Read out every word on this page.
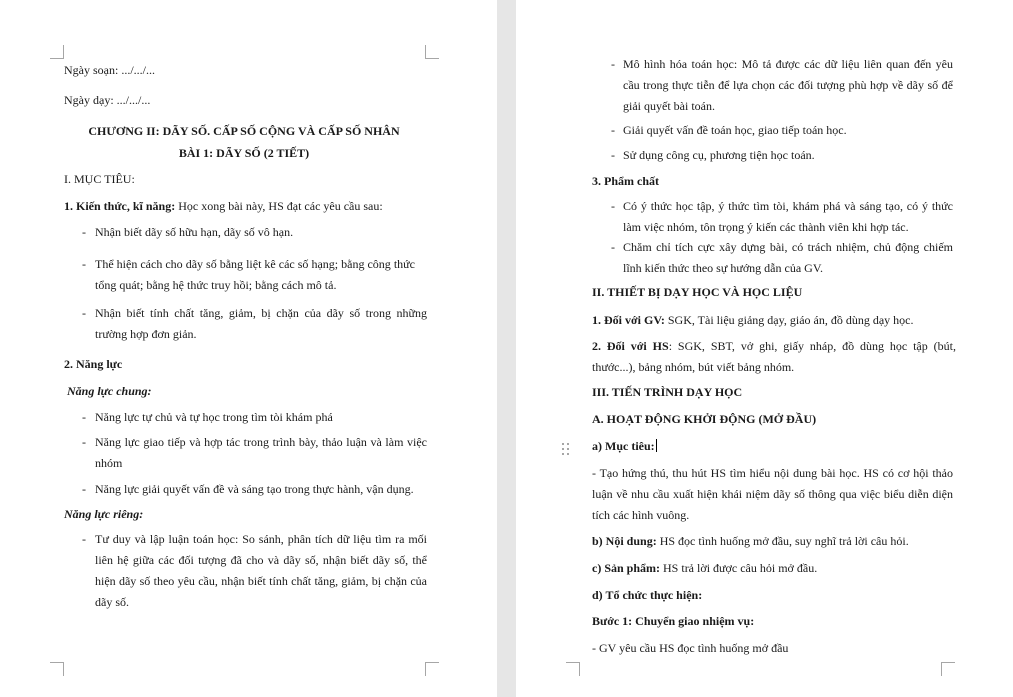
Ngày soạn: .../.../...
Ngày dạy: .../.../...
CHƯƠNG II: DÃY SỐ. CẤP SỐ CỘNG VÀ CẤP SỐ NHÂN
BÀI 1: DÃY SỐ (2 TIẾT)
I. MỤC TIÊU:
1. Kiến thức, kĩ năng: Học xong bài này, HS đạt các yêu cầu sau:
- Nhận biết dãy số hữu hạn, dãy số vô hạn.
- Thể hiện cách cho dãy số bằng liệt kê các số hạng; bằng công thức tổng quát; bằng hệ thức truy hồi; bằng cách mô tả.
- Nhận biết tính chất tăng, giảm, bị chặn của dãy số trong những trường hợp đơn giản.
2. Năng lực
Năng lực chung:
- Năng lực tự chủ và tự học trong tìm tòi khám phá
- Năng lực giao tiếp và hợp tác trong trình bày, thảo luận và làm việc nhóm
- Năng lực giải quyết vấn đề và sáng tạo trong thực hành, vận dụng.
Năng lực riêng:
- Tư duy và lập luận toán học: So sánh, phân tích dữ liệu tìm ra mối liên hệ giữa các đối tượng đã cho và dãy số, nhận biết dãy số, thể hiện dãy số theo yêu cầu, nhận biết tính chất tăng, giảm, bị chặn của dãy số.
- Mô hình hóa toán học: Mô tả được các dữ liệu liên quan đến yêu cầu trong thực tiễn để lựa chọn các đối tượng phù hợp về dãy số để giải quyết bài toán.
- Giải quyết vấn đề toán học, giao tiếp toán học.
- Sử dụng công cụ, phương tiện học toán.
3. Phẩm chất
- Có ý thức học tập, ý thức tìm tòi, khám phá và sáng tạo, có ý thức làm việc nhóm, tôn trọng ý kiến các thành viên khi hợp tác.
- Chăm chỉ tích cực xây dựng bài, có trách nhiệm, chủ động chiếm lĩnh kiến thức theo sự hướng dẫn của GV.
II. THIẾT BỊ DẠY HỌC VÀ HỌC LIỆU
1. Đối với GV: SGK, Tài liệu giảng dạy, giáo án, đồ dùng dạy học.
2. Đối với HS: SGK, SBT, vở ghi, giấy nháp, đồ dùng học tập (bút, thước...), bảng nhóm, bút viết bảng nhóm.
III. TIẾN TRÌNH DẠY HỌC
A. HOẠT ĐỘNG KHỞI ĐỘNG (MỞ ĐẦU)
a) Mục tiêu:
- Tạo hứng thú, thu hút HS tìm hiểu nội dung bài học. HS có cơ hội thảo luận về nhu cầu xuất hiện khái niệm dãy số thông qua việc biểu diễn diện tích các hình vuông.
b) Nội dung: HS đọc tình huống mở đầu, suy nghĩ trả lời câu hỏi.
c) Sản phẩm: HS trả lời được câu hỏi mở đầu.
d) Tổ chức thực hiện:
Bước 1: Chuyển giao nhiệm vụ:
- GV yêu cầu HS đọc tình huống mở đầu
